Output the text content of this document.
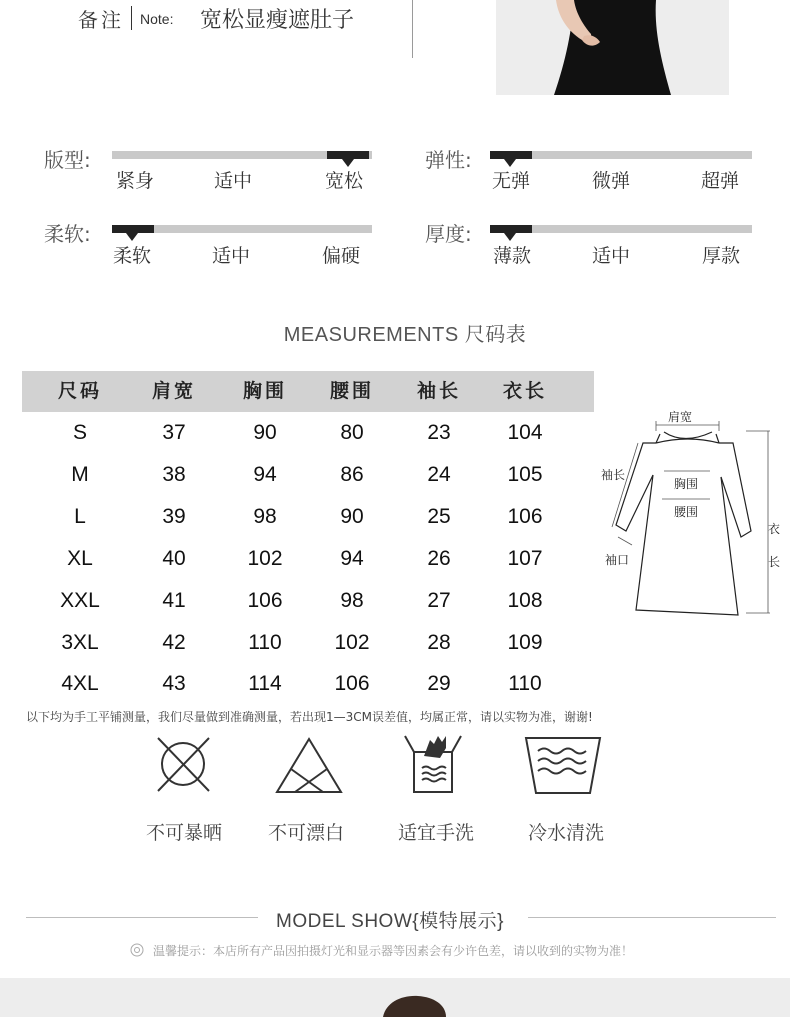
备注 Note: 宽松显瘦遮肚子
版型:
紧身	适中	宽松
弹性:
无弹	微弹	超弹
柔软:
柔软	适中	偏硬
厚度:
薄款	适中	厚款
MEASUREMENTS 尺码表
尺码	肩宽	胸围	腰围	袖长	衣长
S	37	90	80	23	104
M	38	94	86	24	105
L	39	98	90	25	106
XL	40	102	94	26	107
XXL	41	106	98	27	108
3XL	42	110	102	28	109
4XL	43	114	106	29	110
肩宽
袖长
胸围
腰围
袖口
衣
长
以下均为手工平铺测量，我们尽量做到准确测量，若出现1—3CM误差值，均属正常，请以实物为准，谢谢!
不可暴晒	不可漂白	适宜手洗	冷水清洗
MODEL SHOW{模特展示}
温馨提示：本店所有产品因拍摄灯光和显示器等因素会有少许色差，请以收到的实物为准！
